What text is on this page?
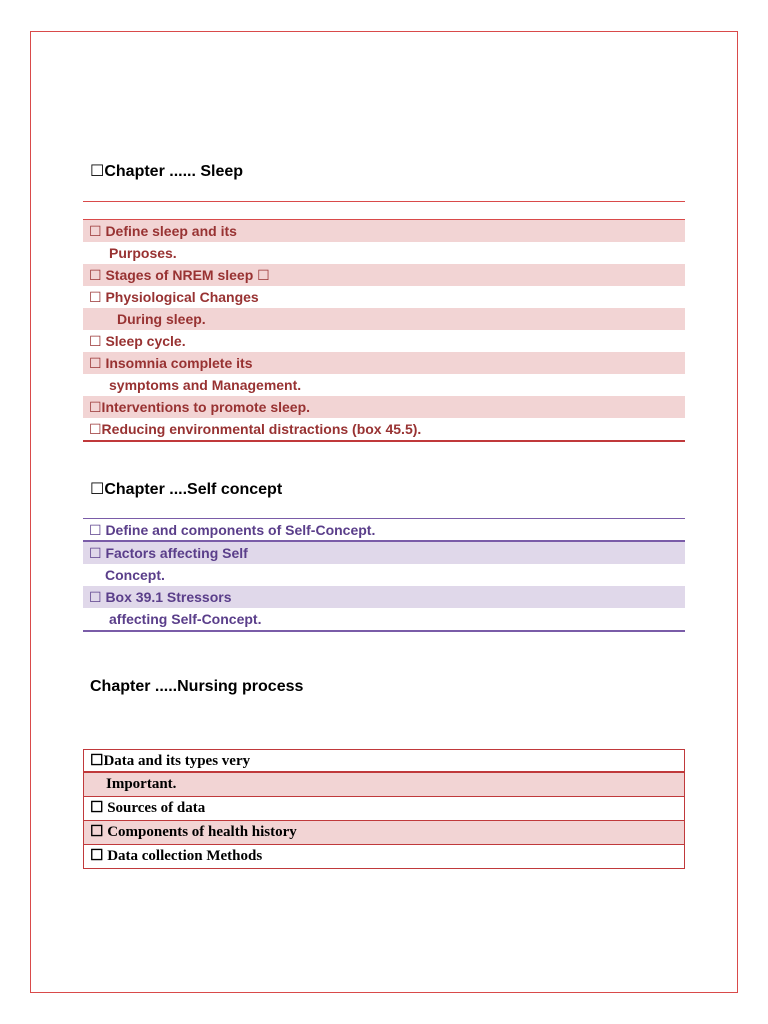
☐Chapter ...... Sleep
☐ Define sleep and its
Purposes.
☐ Stages of NREM sleep ☐
☐ Physiological Changes
During sleep.
☐ Sleep cycle.
☐ Insomnia complete its
symptoms and Management.
☐Interventions to promote sleep.
☐Reducing environmental distractions (box 45.5).
☐Chapter ....Self concept
☐ Define and components of Self-Concept.
☐ Factors affecting Self
Concept.
☐ Box 39.1 Stressors
affecting Self-Concept.
Chapter .....Nursing process
☐Data and its types very
Important.
☐ Sources of data
☐ Components of health history
☐ Data collection Methods
